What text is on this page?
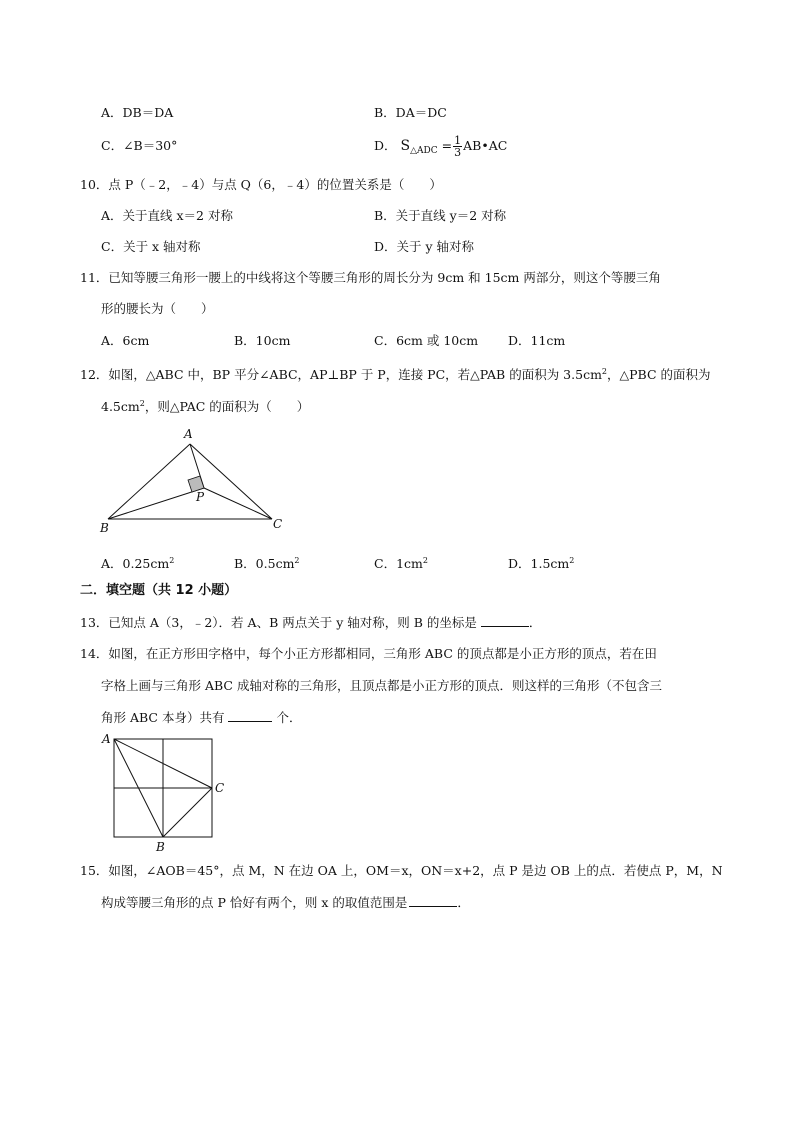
A．DB＝DA	B．DA＝DC
C．∠B＝30°	D． $S_{\triangle ADC} = \frac{1}{3}$ AB•AC
10．点 P（﹣2，﹣4）与点 Q（6，﹣4）的位置关系是（　　）
A．关于直线 x＝2 对称	B．关于直线 y＝2 对称
C．关于 x 轴对称	D．关于 y 轴对称
11．已知等腰三角形一腰上的中线将这个等腰三角形的周长分为 9cm 和 15cm 两部分，则这个等腰三角
形的腰长为（　　）
A．6cm	B．10cm	C．6cm 或 10cm D．11cm
12．如图，△ABC 中，BP 平分∠ABC，AP⊥BP 于 P，连接 PC，若△PAB 的面积为 $3.5cm^2$，△PBC 的面积为
$4.5cm^2$，则△PAC 的面积为（　　）
A
B	C
P
A．$0.25cm^2$	B．$0.5cm^2$	C．$1cm^2$	D．$1.5cm^2$
二．填空题（共 12 小题）
13．已知点 A（3，﹣2）．若 A、B 两点关于 y 轴对称，则 B 的坐标是	．
14．如图，在正方形田字格中，每个小正方形都相同，三角形 ABC 的顶点都是小正方形的顶点，若在田
字格上画与三角形 ABC 成轴对称的三角形，且顶点都是小正方形的顶点．则这样的三角形（不包含三
角形 ABC 本身）共有	个．
A
B
C
15．如图，∠AOB＝45°，点 M，N 在边 OA 上，OM＝x，ON＝x+2，点 P 是边 OB 上的点．若使点 P，M，N
构成等腰三角形的点 P 恰好有两个，则 x 的取值范围是	．
